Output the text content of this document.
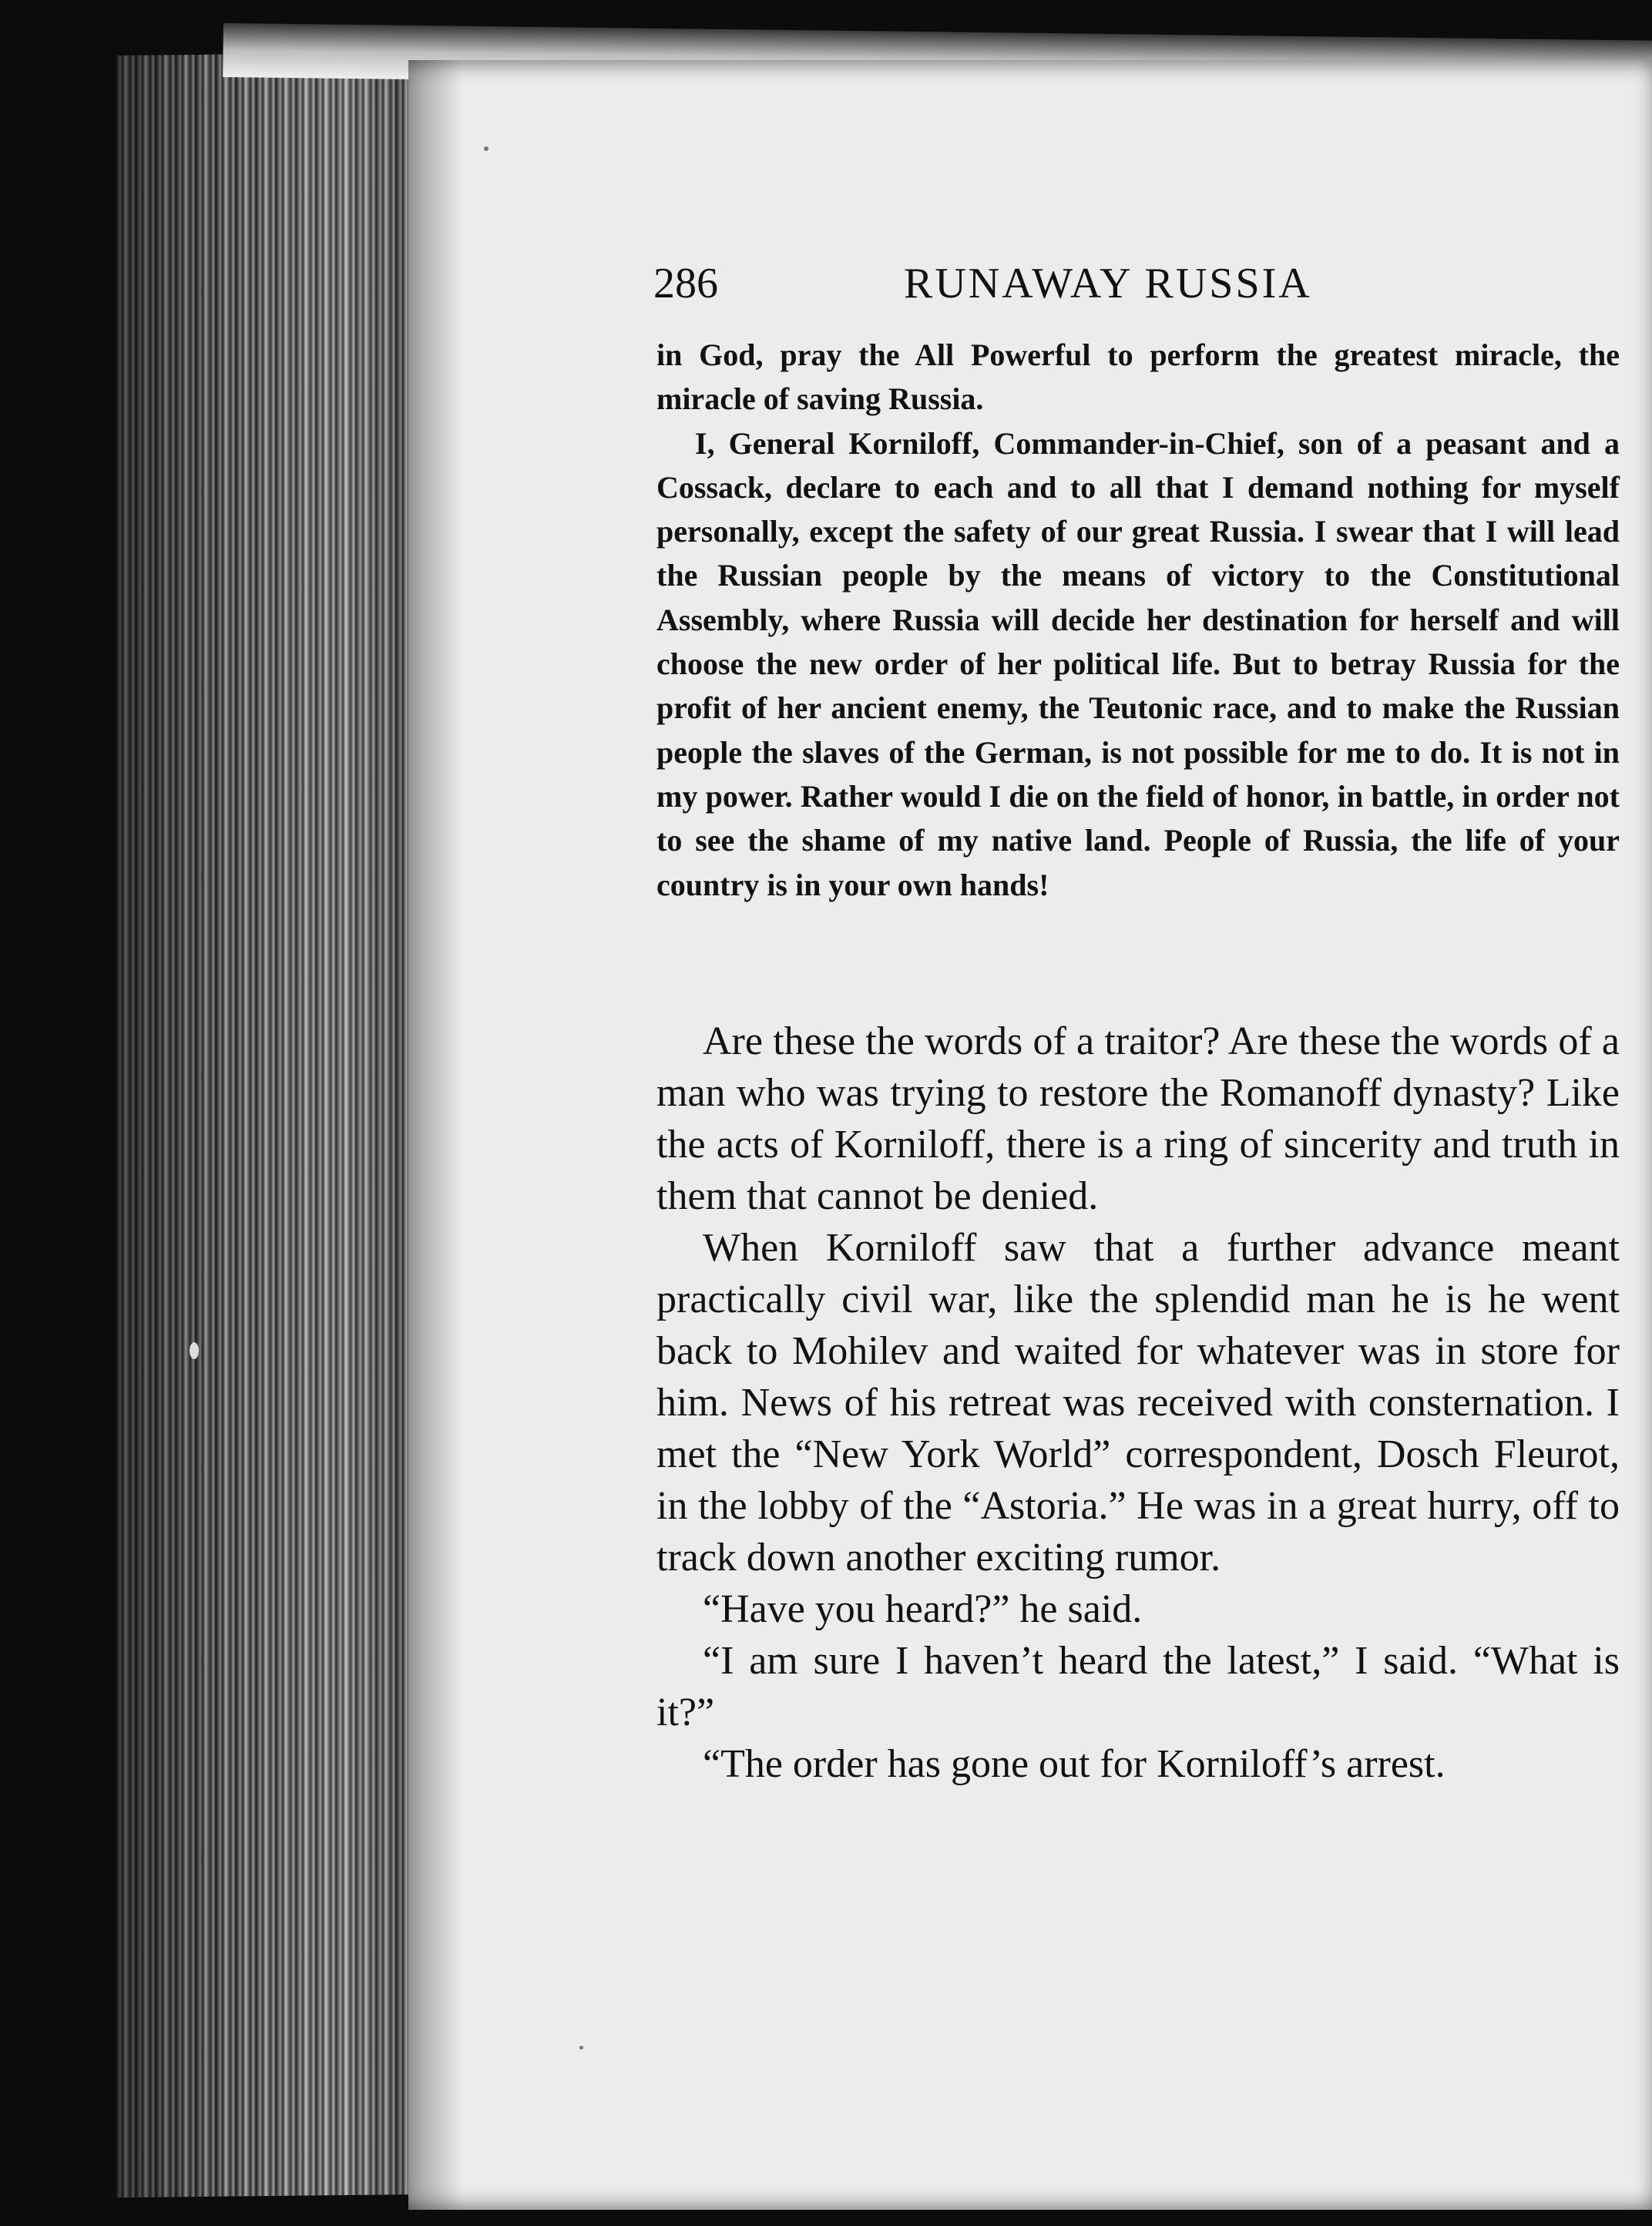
286	RUNAWAY RUSSIA

in God, pray the All Powerful to perform the greatest miracle, the miracle of saving Russia.

I, General Korniloff, Commander-in-Chief, son of a peasant and a Cossack, declare to each and to all that I demand nothing for myself personally, except the safety of our great Russia. I swear that I will lead the Russian people by the means of victory to the Constitutional Assembly, where Russia will decide her destination for herself and will choose the new order of her political life. But to betray Russia for the profit of her ancient enemy, the Teutonic race, and to make the Russian people the slaves of the German, is not possible for me to do. It is not in my power. Rather would I die on the field of honor, in battle, in order not to see the shame of my native land. People of Russia, the life of your country is in your own hands!

Are these the words of a traitor? Are these the words of a man who was trying to restore the Romanoff dynasty? Like the acts of Korniloff, there is a ring of sincerity and truth in them that cannot be denied.

When Korniloff saw that a further advance meant practically civil war, like the splendid man he is he went back to Mohilev and waited for whatever was in store for him. News of his retreat was received with consternation. I met the “New York World” correspondent, Dosch Fleurot, in the lobby of the “Astoria.” He was in a great hurry, off to track down another exciting rumor.

“Have you heard?” he said.

“I am sure I haven’t heard the latest,” I said. “What is it?”

“The order has gone out for Korniloff’s arrest.
